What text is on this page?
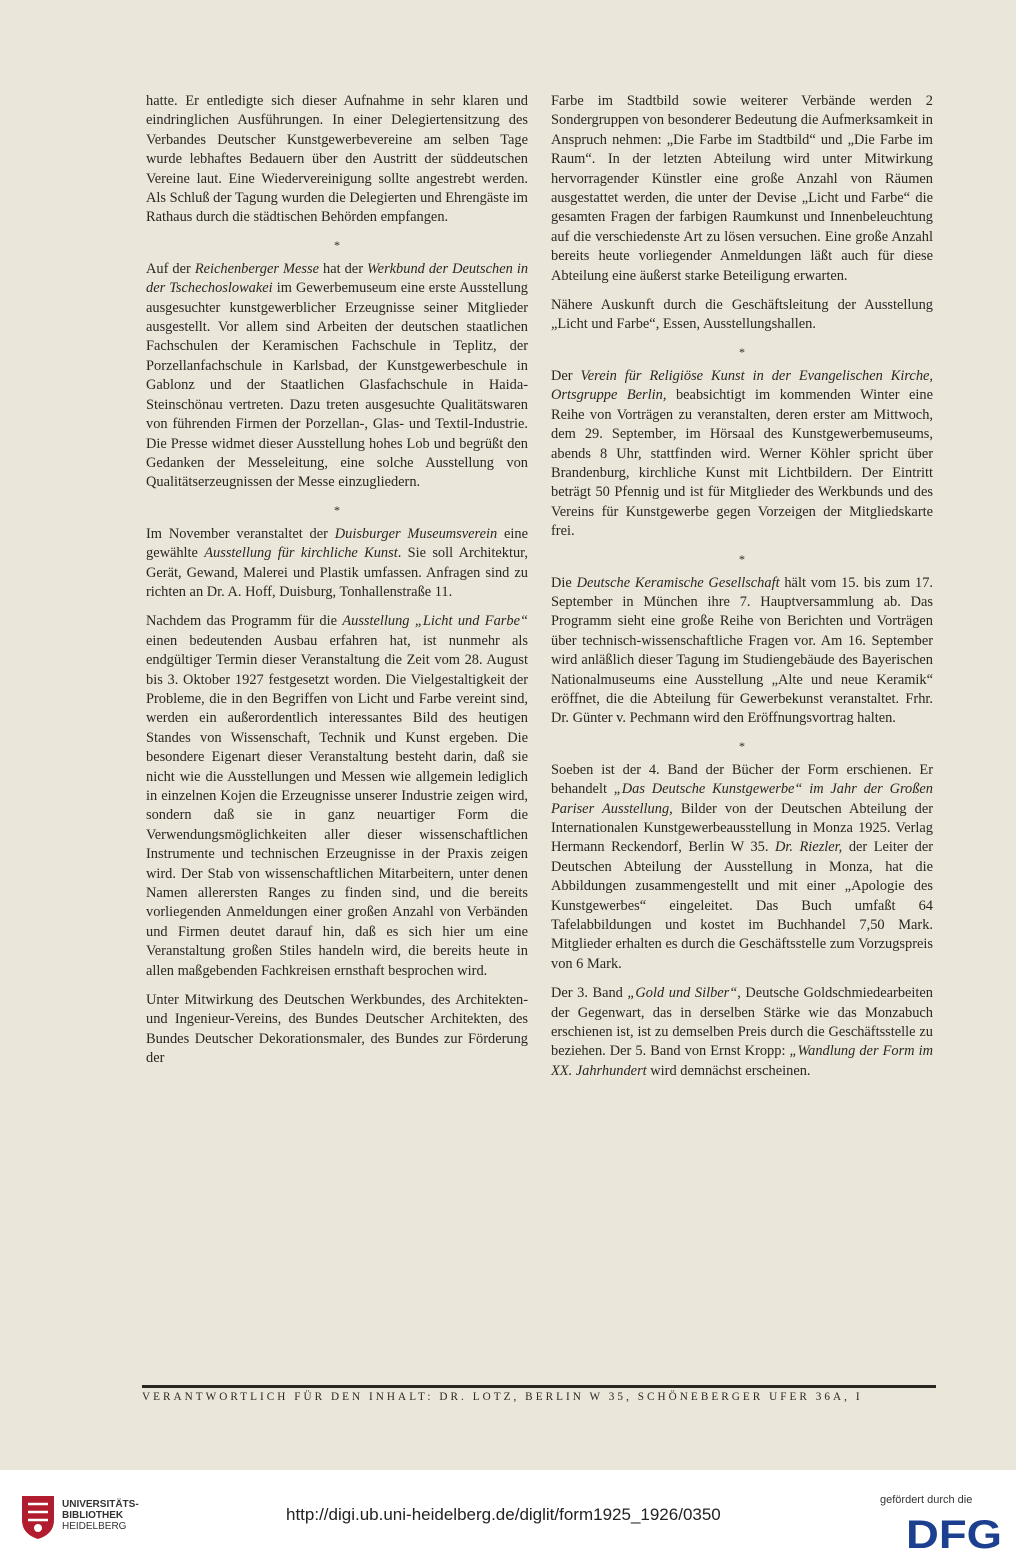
hatte. Er entledigte sich dieser Aufnahme in sehr klaren und eindringlichen Ausführungen. In einer Delegiertensitzung des Verbandes Deutscher Kunstgewerbevereine am selben Tage wurde lebhaftes Bedauern über den Austritt der süddeutschen Vereine laut. Eine Wiedervereinigung sollte angestrebt werden. Als Schluß der Tagung wurden die Delegierten und Ehrengäste im Rathaus durch die städtischen Behörden empfangen.

*

Auf der Reichenberger Messe hat der Werkbund der Deutschen in der Tschechoslowakei im Gewerbemuseum eine erste Ausstellung ausgesuchter kunstgewerblicher Erzeugnisse seiner Mitglieder ausgestellt. Vor allem sind Arbeiten der deutschen staatlichen Fachschulen der Keramischen Fachschule in Teplitz, der Porzellanfachschule in Karlsbad, der Kunstgewerbeschule in Gablonz und der Staatlichen Glasfachschule in Haida-Steinschönau vertreten. Dazu treten ausgesuchte Qualitätswaren von führenden Firmen der Porzellan-, Glas- und Textil-Industrie. Die Presse widmet dieser Ausstellung hohes Lob und begrüßt den Gedanken der Messeleitung, eine solche Ausstellung von Qualitätserzeugnissen der Messe einzugliedern.

*

Im November veranstaltet der Duisburger Museumsverein eine gewählte Ausstellung für kirchliche Kunst. Sie soll Architektur, Gerät, Gewand, Malerei und Plastik umfassen. Anfragen sind zu richten an Dr. A. Hoff, Duisburg, Tonhallenstraße 11.

Nachdem das Programm für die Ausstellung „Licht und Farbe“ einen bedeutenden Ausbau erfahren hat, ist nunmehr als endgültiger Termin dieser Veranstaltung die Zeit vom 28. August bis 3. Oktober 1927 festgesetzt worden. Die Vielgestaltigkeit der Probleme, die in den Begriffen von Licht und Farbe vereint sind, werden ein außerordentlich interessantes Bild des heutigen Standes von Wissenschaft, Technik und Kunst ergeben. Die besondere Eigenart dieser Veranstaltung besteht darin, daß sie nicht wie die Ausstellungen und Messen wie allgemein lediglich in einzelnen Kojen die Erzeugnisse unserer Industrie zeigen wird, sondern daß sie in ganz neuartiger Form die Verwendungsmöglichkeiten aller dieser wissenschaftlichen Instrumente und technischen Erzeugnisse in der Praxis zeigen wird. Der Stab von wissenschaftlichen Mitarbeitern, unter denen Namen allerersten Ranges zu finden sind, und die bereits vorliegenden Anmeldungen einer großen Anzahl von Verbänden und Firmen deutet darauf hin, daß es sich hier um eine Veranstaltung großen Stiles handeln wird, die bereits heute in allen maßgebenden Fachkreisen ernsthaft besprochen wird.

Unter Mitwirkung des Deutschen Werkbundes, des Architekten- und Ingenieur-Vereins, des Bundes Deutscher Architekten, des Bundes Deutscher Dekorationsmaler, des Bundes zur Förderung der

Farbe im Stadtbild sowie weiterer Verbände werden 2 Sondergruppen von besonderer Bedeutung die Aufmerksamkeit in Anspruch nehmen: „Die Farbe im Stadtbild“ und „Die Farbe im Raum“. In der letzten Abteilung wird unter Mitwirkung hervorragender Künstler eine große Anzahl von Räumen ausgestattet werden, die unter der Devise „Licht und Farbe“ die gesamten Fragen der farbigen Raumkunst und Innenbeleuchtung auf die verschiedenste Art zu lösen versuchen. Eine große Anzahl bereits heute vorliegender Anmeldungen läßt auch für diese Abteilung eine äußerst starke Beteiligung erwarten.

Nähere Auskunft durch die Geschäftsleitung der Ausstellung „Licht und Farbe“, Essen, Ausstellungshallen.

*

Der Verein für Religiöse Kunst in der Evangelischen Kirche, Ortsgruppe Berlin, beabsichtigt im kommenden Winter eine Reihe von Vorträgen zu veranstalten, deren erster am Mittwoch, dem 29. September, im Hörsaal des Kunstgewerbemuseums, abends 8 Uhr, stattfinden wird. Werner Köhler spricht über Brandenburg, kirchliche Kunst mit Lichtbildern. Der Eintritt beträgt 50 Pfennig und ist für Mitglieder des Werkbunds und des Vereins für Kunstgewerbe gegen Vorzeigen der Mitgliedskarte frei.

*

Die Deutsche Keramische Gesellschaft hält vom 15. bis zum 17. September in München ihre 7. Hauptversammlung ab. Das Programm sieht eine große Reihe von Berichten und Vorträgen über technisch-wissenschaftliche Fragen vor. Am 16. September wird anläßlich dieser Tagung im Studiengebäude des Bayerischen Nationalmuseums eine Ausstellung „Alte und neue Keramik“ eröffnet, die die Abteilung für Gewerbekunst veranstaltet. Frhr. Dr. Günter v. Pechmann wird den Eröffnungsvortrag halten.

*

Soeben ist der 4. Band der Bücher der Form erschienen. Er behandelt „Das Deutsche Kunstgewerbe“ im Jahr der Großen Pariser Ausstellung, Bilder von der Deutschen Abteilung der Internationalen Kunstgewerbeausstellung in Monza 1925. Verlag Hermann Reckendorf, Berlin W 35. Dr. Riezler, der Leiter der Deutschen Abteilung der Ausstellung in Monza, hat die Abbildungen zusammengestellt und mit einer „Apologie des Kunstgewerbes“ eingeleitet. Das Buch umfaßt 64 Tafelabbildungen und kostet im Buchhandel 7,50 Mark. Mitglieder erhalten es durch die Geschäftsstelle zum Vorzugspreis von 6 Mark.

Der 3. Band „Gold und Silber“, Deutsche Goldschmiedearbeiten der Gegenwart, das in derselben Stärke wie das Monzabuch erschienen ist, ist zu demselben Preis durch die Geschäftsstelle zu beziehen. Der 5. Band von Ernst Kropp: „Wandlung der Form im XX. Jahrhundert wird demnächst erscheinen.

VERANTWORTLICH FÜR DEN INHALT: DR. LOTZ, BERLIN W 35, SCHÖNEBERGER UFER 36A, I
UNIVERSITÄTS-
BIBLIOTHEK
HEIDELBERG
http://digi.ub.uni-heidelberg.de/diglit/form1925_1926/0350
gefördert durch die
DFG
